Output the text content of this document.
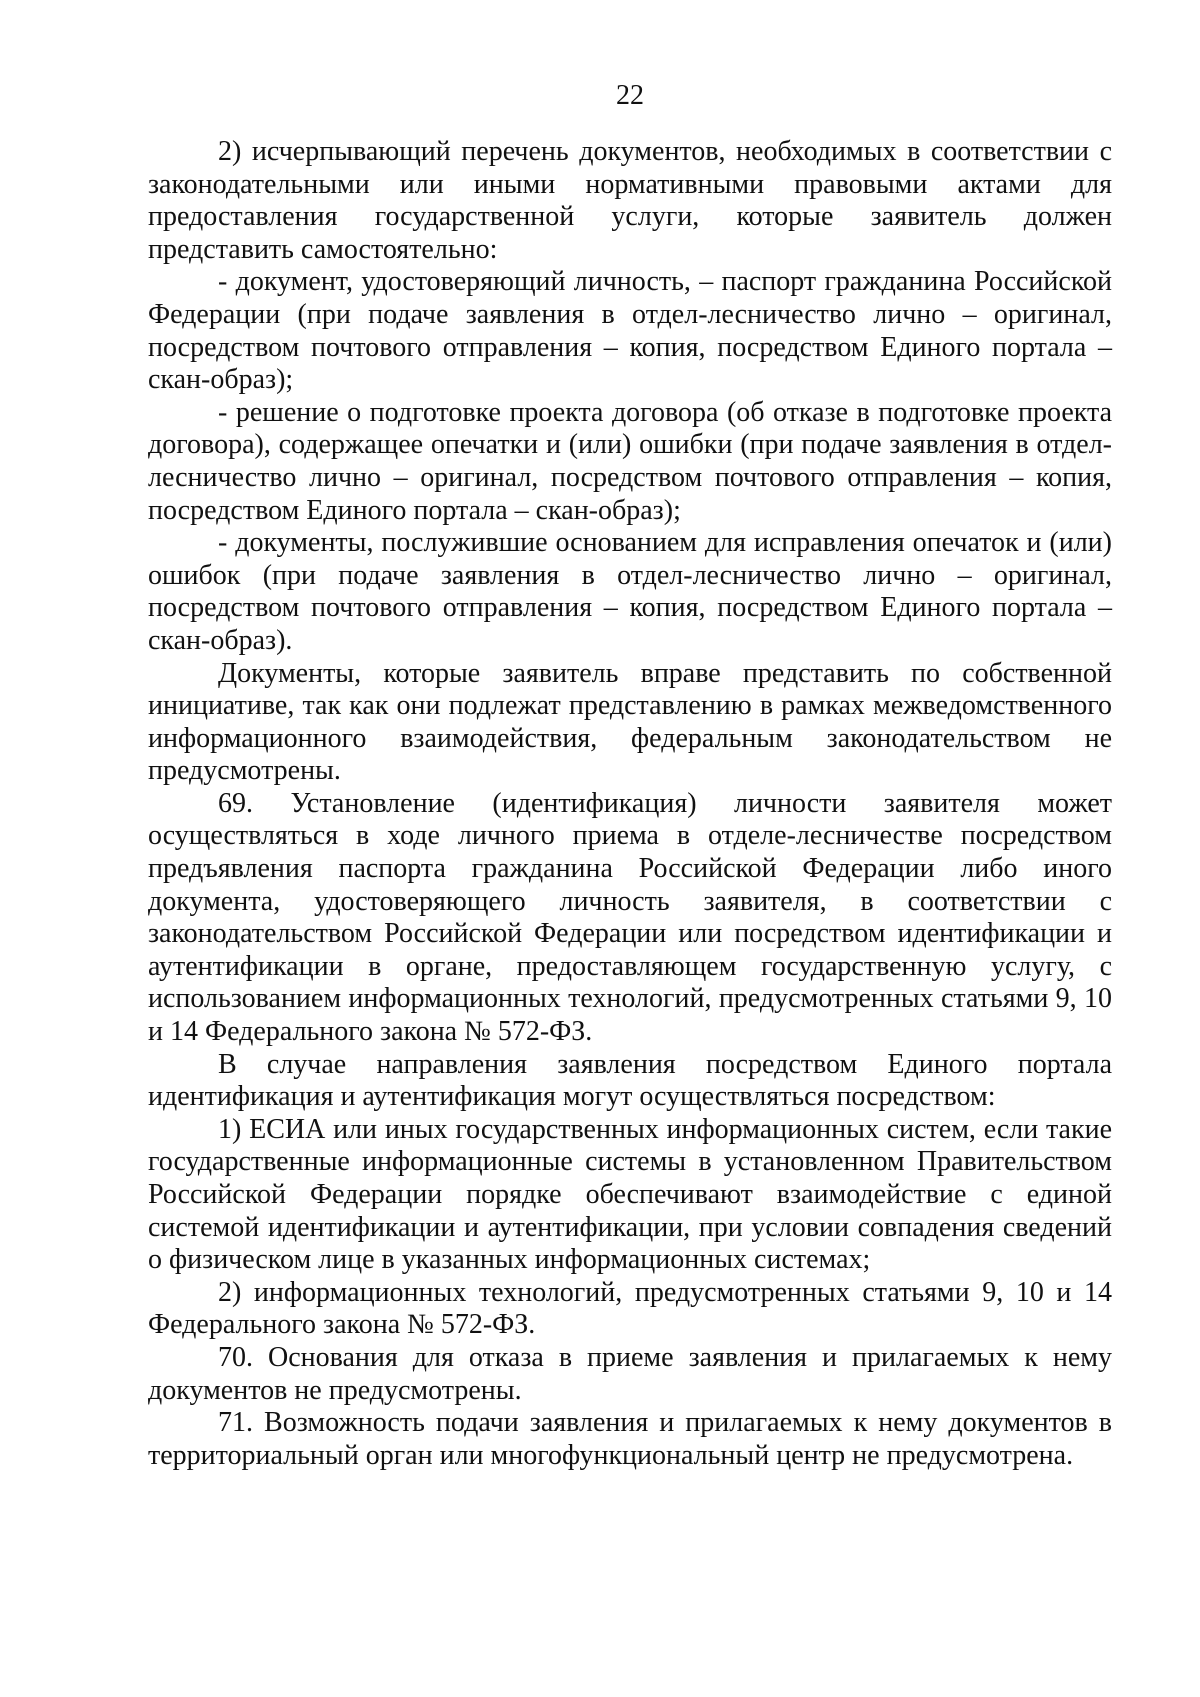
22

2) исчерпывающий перечень документов, необходимых в соответствии с законодательными или иными нормативными правовыми актами для предоставления государственной услуги, которые заявитель должен представить самостоятельно:

- документ, удостоверяющий личность, – паспорт гражданина Российской Федерации (при подаче заявления в отдел-лесничество лично – оригинал, посредством почтового отправления – копия, посредством Единого портала – скан-образ);

- решение о подготовке проекта договора (об отказе в подготовке проекта договора), содержащее опечатки и (или) ошибки (при подаче заявления в отдел-лесничество лично – оригинал, посредством почтового отправления – копия, посредством Единого портала – скан-образ);

- документы, послужившие основанием для исправления опечаток и (или) ошибок (при подаче заявления в отдел-лесничество лично – оригинал, посредством почтового отправления – копия, посредством Единого портала – скан-образ).

Документы, которые заявитель вправе представить по собственной инициативе, так как они подлежат представлению в рамках межведомственного информационного взаимодействия, федеральным законодательством не предусмотрены.

69. Установление (идентификация) личности заявителя может осуществляться в ходе личного приема в отделе-лесничестве посредством предъявления паспорта гражданина Российской Федерации либо иного документа, удостоверяющего личность заявителя, в соответствии с законодательством Российской Федерации или посредством идентификации и аутентификации в органе, предоставляющем государственную услугу, с использованием информационных технологий, предусмотренных статьями 9, 10 и 14 Федерального закона № 572-ФЗ.

В случае направления заявления посредством Единого портала идентификация и аутентификация могут осуществляться посредством:

1) ЕСИА или иных государственных информационных систем, если такие государственные информационные системы в установленном Правительством Российской Федерации порядке обеспечивают взаимодействие с единой системой идентификации и аутентификации, при условии совпадения сведений о физическом лице в указанных информационных системах;

2) информационных технологий, предусмотренных статьями 9, 10 и 14 Федерального закона № 572-ФЗ.

70. Основания для отказа в приеме заявления и прилагаемых к нему документов не предусмотрены.

71. Возможность подачи заявления и прилагаемых к нему документов в территориальный орган или многофункциональный центр не предусмотрена.
